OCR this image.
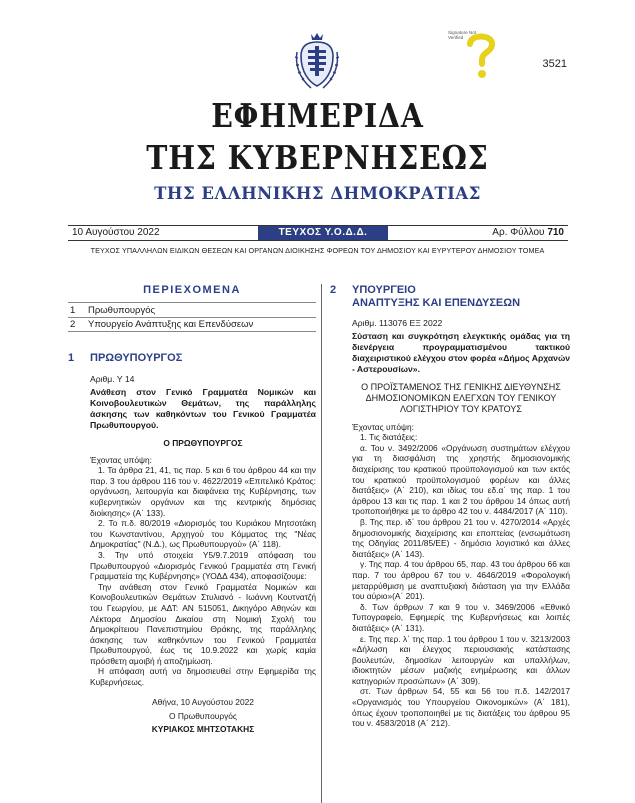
Signature Not
Verified
3521
ΕΦΗΜΕΡΙΔΑ
ΤΗΣ ΚΥΒΕΡΝΗΣΕΩΣ
ΤΗΣ ΕΛΛΗΝΙΚΗΣ ΔΗΜΟΚΡΑΤΙΑΣ
10 Αυγούστου 2022	ΤΕΥΧΟΣ Υ.Ο.Δ.Δ.	Αρ. Φύλλου 710
ΤΕΥΧΟΣ ΥΠΑΛΛΗΛΩΝ ΕΙΔΙΚΩΝ ΘΕΣΕΩΝ ΚΑΙ ΟΡΓΑΝΩΝ ΔΙΟΙΚΗΣΗΣ ΦΟΡΕΩΝ ΤΟΥ ΔΗΜΟΣΙΟΥ ΚΑΙ ΕΥΡΥΤΕΡΟΥ ΔΗΜΟΣΙΟΥ ΤΟΜΕΑ
ΠΕΡΙΕΧΟΜΕΝΑ
1	Πρωθυπουργός
2	Υπουργείο Ανάπτυξης και Επενδύσεων
1	ΠΡΩΘΥΠΟΥΡΓΟΣ
Αριθμ. Υ 14
Ανάθεση στον Γενικό Γραμματέα Νομικών και Κοινοβουλευτικών Θεμάτων, της παράλληλης άσκησης των καθηκόντων του Γενικού Γραμματέα Πρωθυπουργού.
Ο ΠΡΩΘΥΠΟΥΡΓΟΣ
Έχοντας υπόψη:
1. Τα άρθρα 21, 41, τις παρ. 5 και 6 του άρθρου 44 και την παρ. 3 του άρθρου 116 του ν. 4622/2019 «Επιτελικό Κράτος: οργάνωση, λειτουργία και διαφάνεια της Κυβέρνησης, των κυβερνητικών οργάνων και της κεντρικής δημόσιας διοίκησης» (Α΄ 133).
2. Το π.δ. 80/2019 «Διορισμός του Κυριάκου Μητσοτάκη του Κωνσταντίνου, Αρχηγού του Κόμματος της "Νέας Δημοκρατίας" (Ν.Δ.), ως Πρωθυπουργού» (Α΄ 118).
3. Την υπό στοιχεία Υ5/9.7.2019 απόφαση του Πρωθυπουργού «Διορισμός Γενικού Γραμματέα στη Γενική Γραμματεία της Κυβέρνησης» (ΥΟΔΔ 434), αποφασίζουμε:
Την ανάθεση στον Γενικό Γραμματέα Νομικών και Κοινοβουλευτικών Θεμάτων Στυλιανό - Ιωάννη Κουτνατζή του Γεωργίου, με ΑΔΤ: ΑΝ 515051, Δικηγόρο Αθηνών και Λέκτορα Δημοσίου Δικαίου στη Νομική Σχολή του Δημοκρίτειου Πανεπιστημίου Θράκης, της παράλληλης άσκησης των καθηκόντων του Γενικού Γραμματέα Πρωθυπουργού, έως τις 10.9.2022 και χωρίς καμία πρόσθετη αμοιβή ή αποζημίωση.
Η απόφαση αυτή να δημοσιευθεί στην Εφημερίδα της Κυβερνήσεως.
Αθήνα, 10 Αυγούστου 2022
Ο Πρωθυπουργός
ΚΥΡΙΑΚΟΣ ΜΗΤΣΟΤΑΚΗΣ
2	ΥΠΟΥΡΓΕΙΟ
ΑΝΑΠΤΥΞΗΣ ΚΑΙ ΕΠΕΝΔΥΣΕΩΝ
Αριθμ. 113076 ΕΞ 2022
Σύσταση και συγκρότηση ελεγκτικής ομάδας για τη διενέργεια προγραμματισμένου τακτικού διαχειριστικού ελέγχου στον φορέα «Δήμος Αρχανών - Αστερουσίων».
Ο ΠΡΟΪΣΤΑΜΕΝΟΣ ΤΗΣ ΓΕΝΙΚΗΣ ΔΙΕΥΘΥΝΣΗΣ ΔΗΜΟΣΙΟΝΟΜΙΚΩΝ ΕΛΕΓΧΩΝ ΤΟΥ ΓΕΝΙΚΟΥ ΛΟΓΙΣΤΗΡΙΟΥ ΤΟΥ ΚΡΑΤΟΥΣ
Έχοντας υπόψη:
1. Τις διατάξεις:
α. Του ν. 3492/2006 «Οργάνωση συστημάτων ελέγχου για τη διασφάλιση της χρηστής δημοσιονομικής διαχείρισης του κρατικού προϋπολογισμού και των εκτός του κρατικού προϋπολογισμού φορέων και άλλες διατάξεις» (Α΄ 210), και ιδίως του εδ.α΄ της παρ. 1 του άρθρου 13 και τις παρ. 1 και 2 του άρθρου 14 όπως αυτή τροποποιήθηκε με το άρθρο 42 του ν. 4484/2017 (Α΄ 110).
β. Της περ. ιδ΄ του άρθρου 21 του ν. 4270/2014 «Αρχές δημοσιονομικής διαχείρισης και εποπτείας (ενσωμάτωση της Οδηγίας 2011/85/ΕΕ) - δημόσιο λογιστικό και άλλες διατάξεις» (Α΄ 143).
γ. Της παρ. 4 του άρθρου 65, παρ. 43 του άρθρου 66 και παρ. 7 του άρθρου 67 του ν. 4646/2019 «Φορολογική μεταρρύθμιση με αναπτυξιακή διάσταση για την Ελλάδα του αύριο»(Α΄ 201).
δ. Των άρθρων 7 και 9 του ν. 3469/2006 «Εθνικό Τυπογραφείο, Εφημερίς της Κυβερνήσεως και λοιπές διατάξεις» (Α΄ 131).
ε. Της περ. λ΄ της παρ. 1 του άρθρου 1 του ν. 3213/2003 «Δήλωση και έλεγχος περιουσιακής κατάστασης βουλευτών, δημοσίων λειτουργών και υπαλλήλων, ιδιοκτητών μέσων μαζικής ενημέρωσης και άλλων κατηγοριών προσώπων» (Α΄ 309).
στ. Των άρθρων 54, 55 και 56 του π.δ. 142/2017 «Οργανισμός του Υπουργείου Οικονομικών» (Α΄ 181), όπως έχουν τροποποιηθεί με τις διατάξεις του άρθρου 95 του ν. 4583/2018 (Α΄ 212).
